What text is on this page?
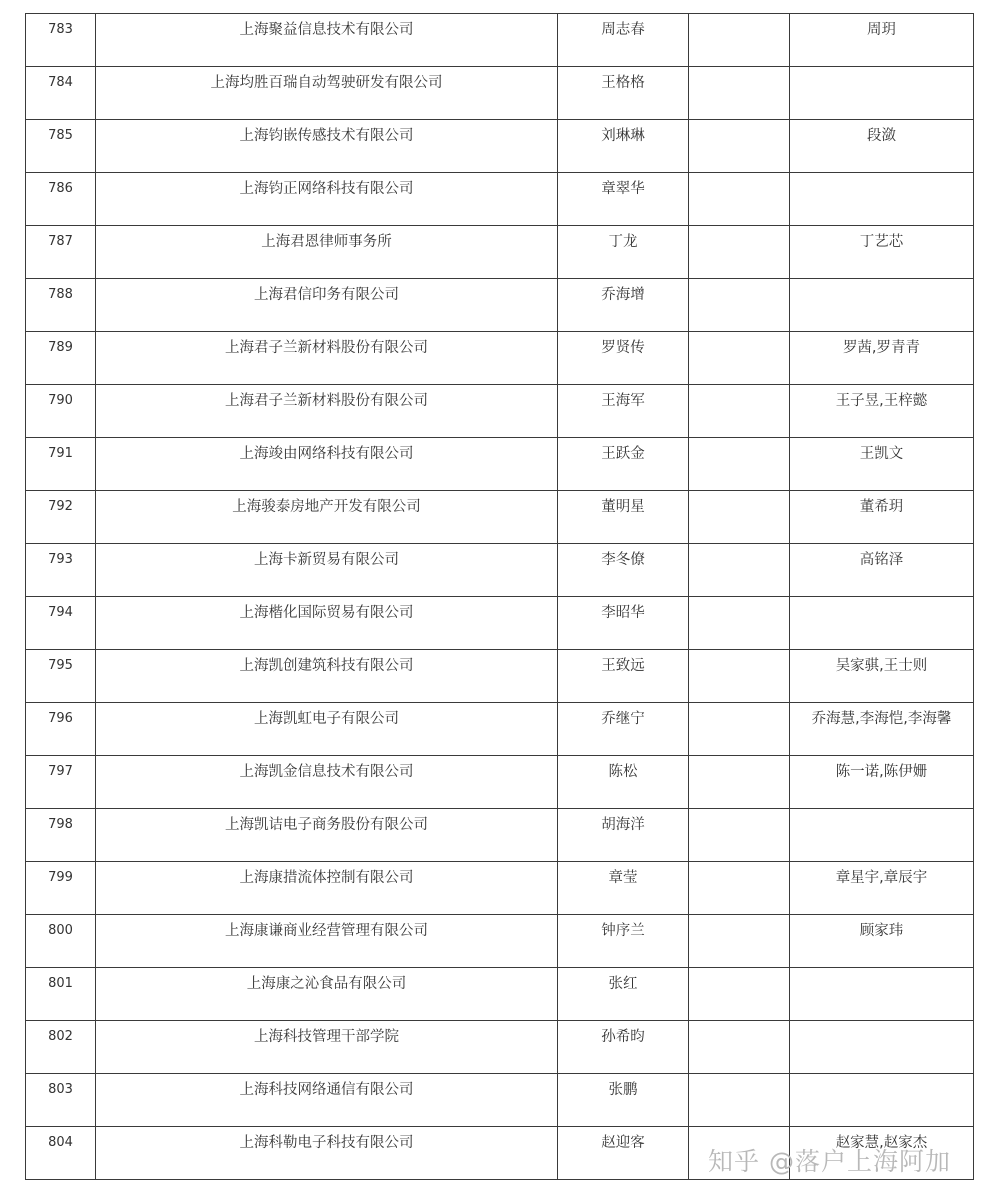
783	上海聚益信息技术有限公司	周志春		周玥

784	上海均胜百瑞自动驾驶研发有限公司	王格格		

785	上海钧嵌传感技术有限公司	刘琳琳		段潋

786	上海钧正网络科技有限公司	章翠华		

787	上海君恩律师事务所	丁龙		丁艺芯

788	上海君信印务有限公司	乔海增		

789	上海君子兰新材料股份有限公司	罗贤传		罗茜,罗青青

790	上海君子兰新材料股份有限公司	王海军		王子昱,王梓懿

791	上海竣由网络科技有限公司	王跃金		王凯文

792	上海骏泰房地产开发有限公司	董明星		董希玥

793	上海卡新贸易有限公司	李冬僚		高铭泽

794	上海楷化国际贸易有限公司	李昭华		

795	上海凯创建筑科技有限公司	王致远		吴家骐,王士则

796	上海凯虹电子有限公司	乔继宁		乔海慧,李海恺,李海馨

797	上海凯金信息技术有限公司	陈松		陈一诺,陈伊姗

798	上海凯诘电子商务股份有限公司	胡海洋		

799	上海康措流体控制有限公司	章莹		章星宇,章辰宇

800	上海康谦商业经营管理有限公司	钟序兰		顾家玮

801	上海康之沁食品有限公司	张红		

802	上海科技管理干部学院	孙希昀		

803	上海科技网络通信有限公司	张鹏		

804	上海科勒电子科技有限公司	赵迎客		赵家慧,赵家杰
知乎 @落户上海阿加
